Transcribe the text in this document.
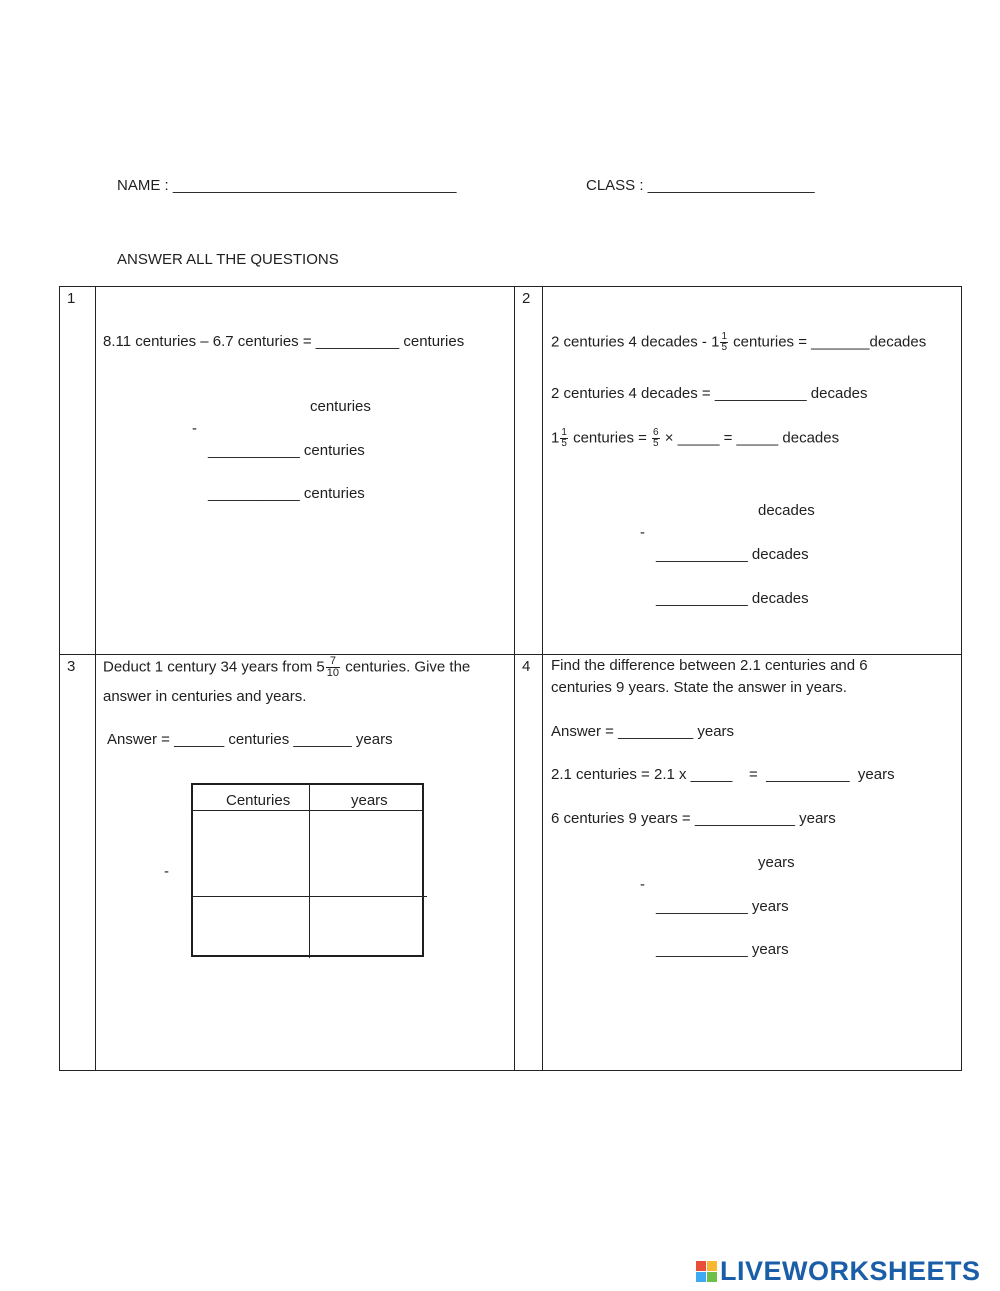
NAME : __________________________________	CLASS : ____________________
ANSWER ALL THE QUESTIONS
1
8.11 centuries – 6.7 centuries = __________ centuries
centuries
-
___________ centuries
___________ centuries
2
2 centuries 4 decades - $1 \frac{1}{5}$ centuries = _______decades
2 centuries 4 decades = ___________ decades
$1 \frac{1}{5}$ centuries = $\frac{6}{5}$ × _____ = _____ decades
decades
-
___________ decades
___________ decades
3 Deduct 1 century 34 years from $5 \frac{7}{10}$ centuries. Give the
answer in centuries and years.
Answer = ______ centuries _______ years
Centuries	years
-
4 Find the difference between 2.1 centuries and 6
centuries 9 years. State the answer in years.
Answer = _________ years
2.1 centuries = 2.1 x _____    =  __________  years
6 centuries 9 years = ____________ years
years
-
___________ years
___________ years
LIVEWORKSHEETS
